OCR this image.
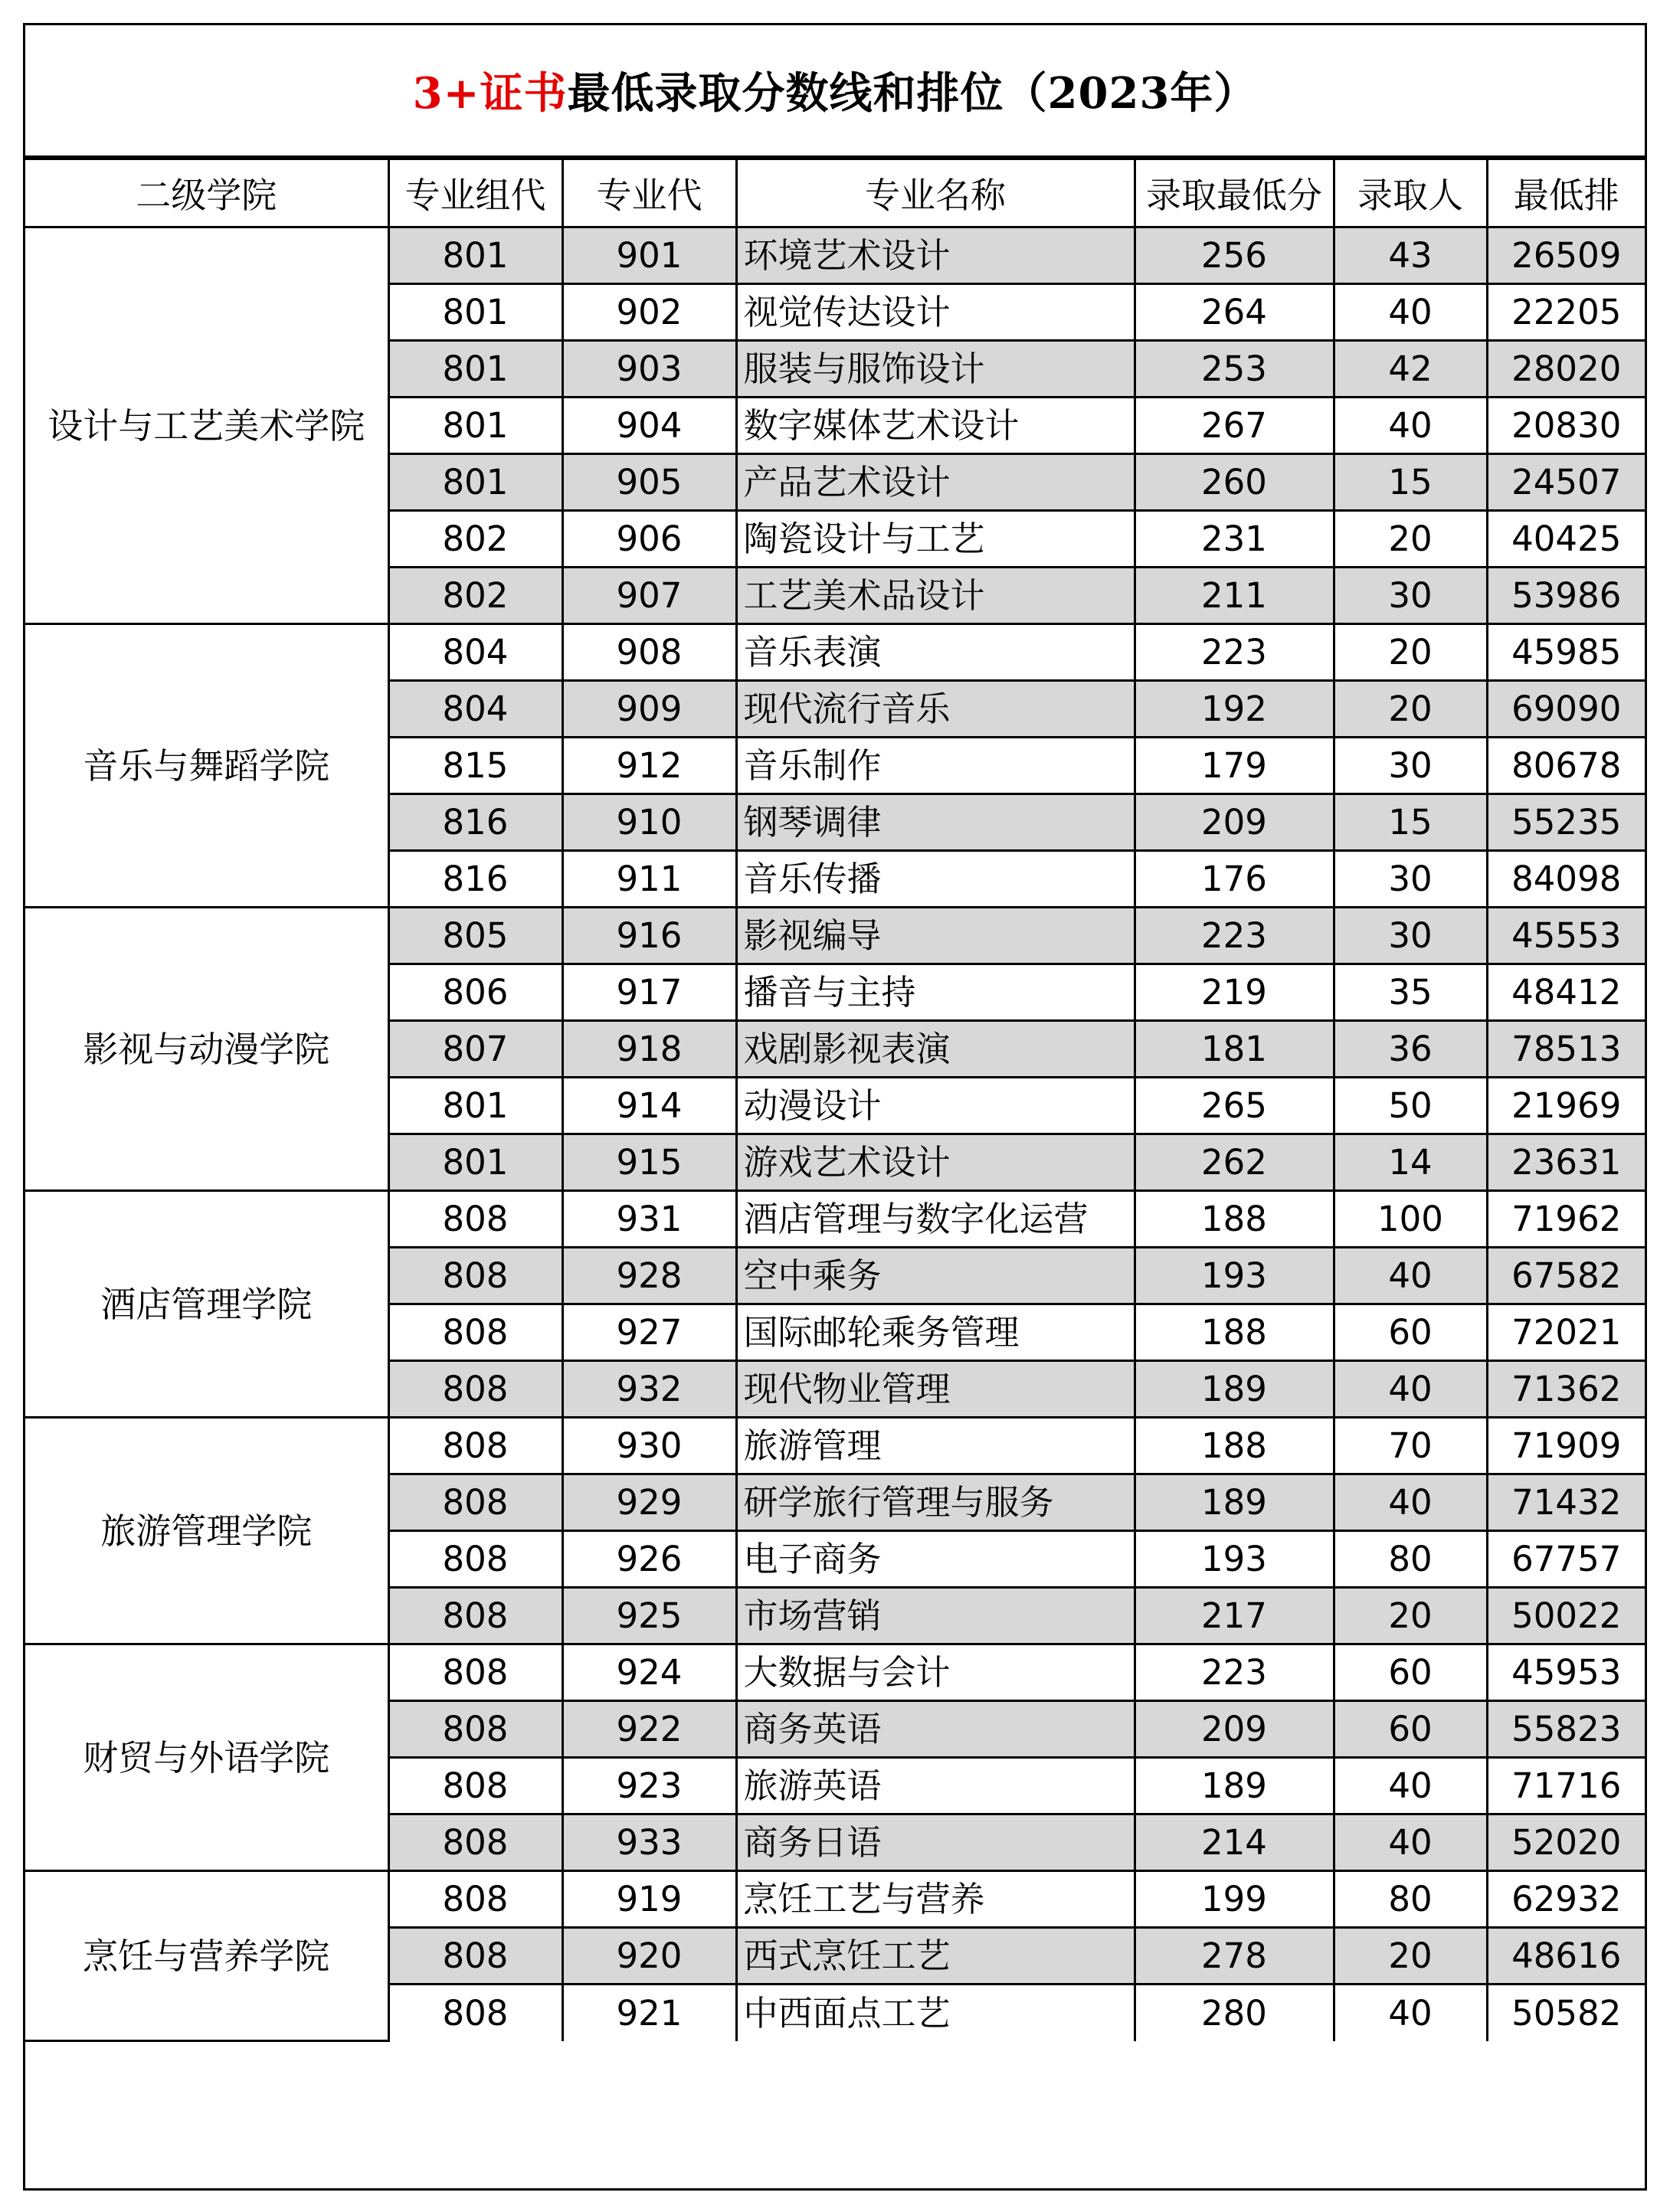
3+证书最低录取分数线和排位（2023年）
二级学院	专业组代	专业代	专业名称	录取最低分	录取人	最低排

设计与工艺美术学院	801	901	环境艺术设计	256	43	26509
	801	902	视觉传达设计	264	40	22205
	801	903	服装与服饰设计	253	42	28020
	801	904	数字媒体艺术设计	267	40	20830
	801	905	产品艺术设计	260	15	24507
	802	906	陶瓷设计与工艺	231	20	40425
	802	907	工艺美术品设计	211	30	53986
音乐与舞蹈学院	804	908	音乐表演	223	20	45985
	804	909	现代流行音乐	192	20	69090
	815	912	音乐制作	179	30	80678
	816	910	钢琴调律	209	15	55235
	816	911	音乐传播	176	30	84098
影视与动漫学院	805	916	影视编导	223	30	45553
	806	917	播音与主持	219	35	48412
	807	918	戏剧影视表演	181	36	78513
	801	914	动漫设计	265	50	21969
	801	915	游戏艺术设计	262	14	23631
酒店管理学院	808	931	酒店管理与数字化运营	188	100	71962
	808	928	空中乘务	193	40	67582
	808	927	国际邮轮乘务管理	188	60	72021
	808	932	现代物业管理	189	40	71362
旅游管理学院	808	930	旅游管理	188	70	71909
	808	929	研学旅行管理与服务	189	40	71432
	808	926	电子商务	193	80	67757
	808	925	市场营销	217	20	50022
财贸与外语学院	808	924	大数据与会计	223	60	45953
	808	922	商务英语	209	60	55823
	808	923	旅游英语	189	40	71716
	808	933	商务日语	214	40	52020
烹饪与营养学院	808	919	烹饪工艺与营养	199	80	62932
	808	920	西式烹饪工艺	278	20	48616
	808	921	中西面点工艺	280	40	50582
